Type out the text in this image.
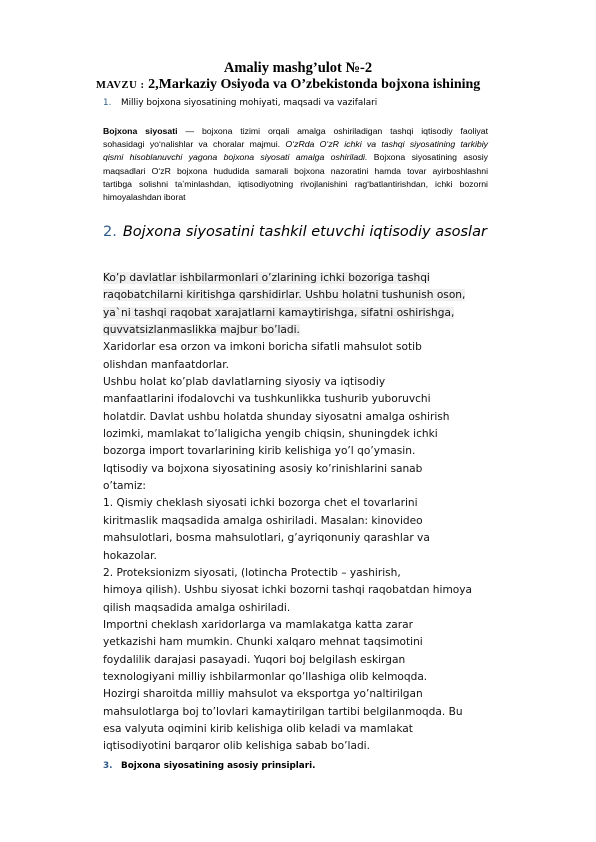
Amaliy mashg’ulot №-2
MAVZU : 2,Markaziy Osiyoda va O’zbekistonda bojxona ishining
1. Milliy bojxona siyosatining mohiyati, maqsadi va vazifalari
Bojxona siyosati — bojxona tizimi orqali amalga oshiriladigan tashqi iqtisodiy faoliyat
sohasidagi yoʻnalishlar va choralar majmui. O‘zRda O‘zR ichki va tashqi siyosatining tarkibiy
qismi hisoblanuvchi yagona bojxona siyosati amalga oshiriladi. Bojxona siyosatining asosiy
maqsadlari O‘zR bojxona hududida samarali bojxona nazoratini hamda tovar ayirboshlashni
tartibga solishni taʼminlashdan, iqtisodiyotning rivojlanishini ragʻbatlantirishdan, ichki bozorni
himoyalashdan iborat
2. Bojxona siyosatini tashkil etuvchi iqtisodiy asoslar
Ko’p davlatlar ishbilarmonlari o’zlarining ichki bozoriga tashqi
raqobatchilarni kiritishga qarshidirlar. Ushbu holatni tushunish oson,
ya`ni tashqi raqobat xarajatlarni kamaytirishga, sifatni oshirishga,
quvvatsizlanmaslikka majbur bo’ladi.
Xaridorlar esa orzon va imkoni boricha sifatli mahsulot sotib
olishdan manfaatdorlar.
Ushbu holat ko’plab davlatlarning siyosiy va iqtisodiy
manfaatlarini ifodalovchi va tushkunlikka tushurib yuboruvchi
holatdir. Davlat ushbu holatda shunday siyosatni amalga oshirish
lozimki, mamlakat to’laligicha yengib chiqsin, shuningdek ichki
bozorga import tovarlarining kirib kelishiga yo’l qo’ymasin.
Iqtisodiy va bojxona siyosatining asosiy ko’rinishlarini sanab
o’tamiz:
1. Qismiy cheklash siyosati ichki bozorga chet el tovarlarini
kiritmaslik maqsadida amalga oshiriladi. Masalan: kinovideo
mahsulotlari, bosma mahsulotlari, g’ayriqonuniy qarashlar va
hokazolar.
2. Proteksionizm siyosati, (lotincha Protectib – yashirish,
himoya qilish). Ushbu siyosat ichki bozorni tashqi raqobatdan himoya
qilish maqsadida amalga oshiriladi.
Importni cheklash xaridorlarga va mamlakatga katta zarar
yetkazishi ham mumkin. Chunki xalqaro mehnat taqsimotini
foydalilik darajasi pasayadi. Yuqori boj belgilash eskirgan
texnologiyani milliy ishbilarmonlar qo’llashiga olib kelmoqda.
Hozirgi sharoitda milliy mahsulot va eksportga yo’naltirilgan
mahsulotlarga boj to’lovlari kamaytirilgan tartibi belgilanmoqda. Bu
esa valyuta oqimini kirib kelishiga olib keladi va mamlakat
iqtisodiyotini barqaror olib kelishiga sabab bo’ladi.
3. Bojxona siyosatining asosiy prinsiplari.
